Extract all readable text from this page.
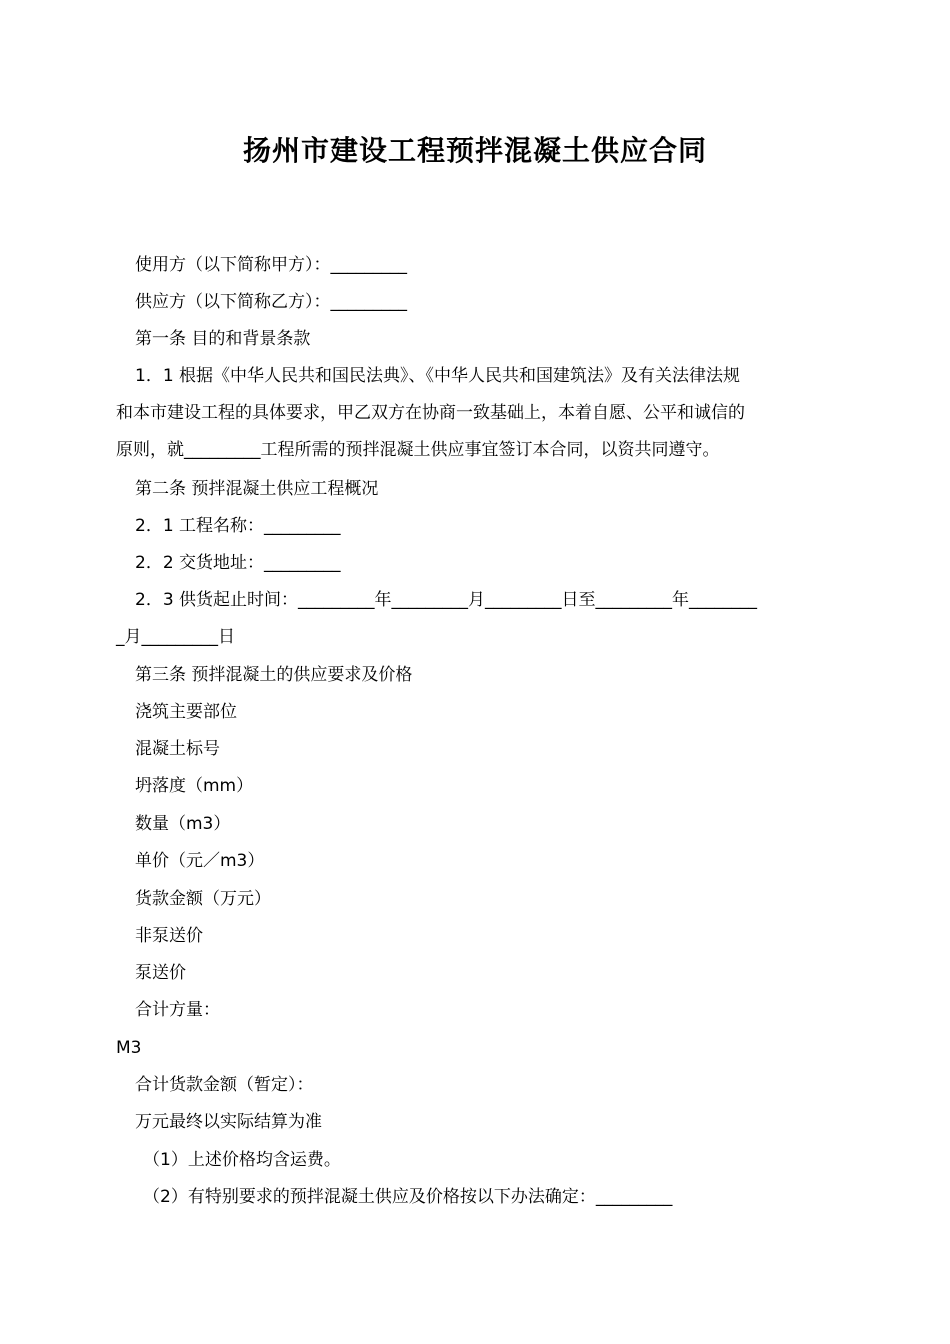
扬州市建设工程预拌混凝土供应合同
使用方（以下简称甲方）：_________
供应方（以下简称乙方）：_________
第一条 目的和背景条款
1．1 根据《中华人民共和国民法典》、《中华人民共和国建筑法》及有关法律法规
和本市建设工程的具体要求，甲乙双方在协商一致基础上，本着自愿、公平和诚信的
原则，就_________工程所需的预拌混凝土供应事宜签订本合同，以资共同遵守。
第二条 预拌混凝土供应工程概况
2．1 工程名称：_________
2．2 交货地址：_________
2．3 供货起止时间：_________年_________月_________日至_________年________
_月_________日
第三条 预拌混凝土的供应要求及价格
浇筑主要部位
混凝土标号
坍落度（mm）
数量（m3）
单价（元／m3）
货款金额（万元）
非泵送价
泵送价
合计方量：
M3
合计货款金额（暂定）：
万元最终以实际结算为准
（1）上述价格均含运费。
（2）有特别要求的预拌混凝土供应及价格按以下办法确定：_________
